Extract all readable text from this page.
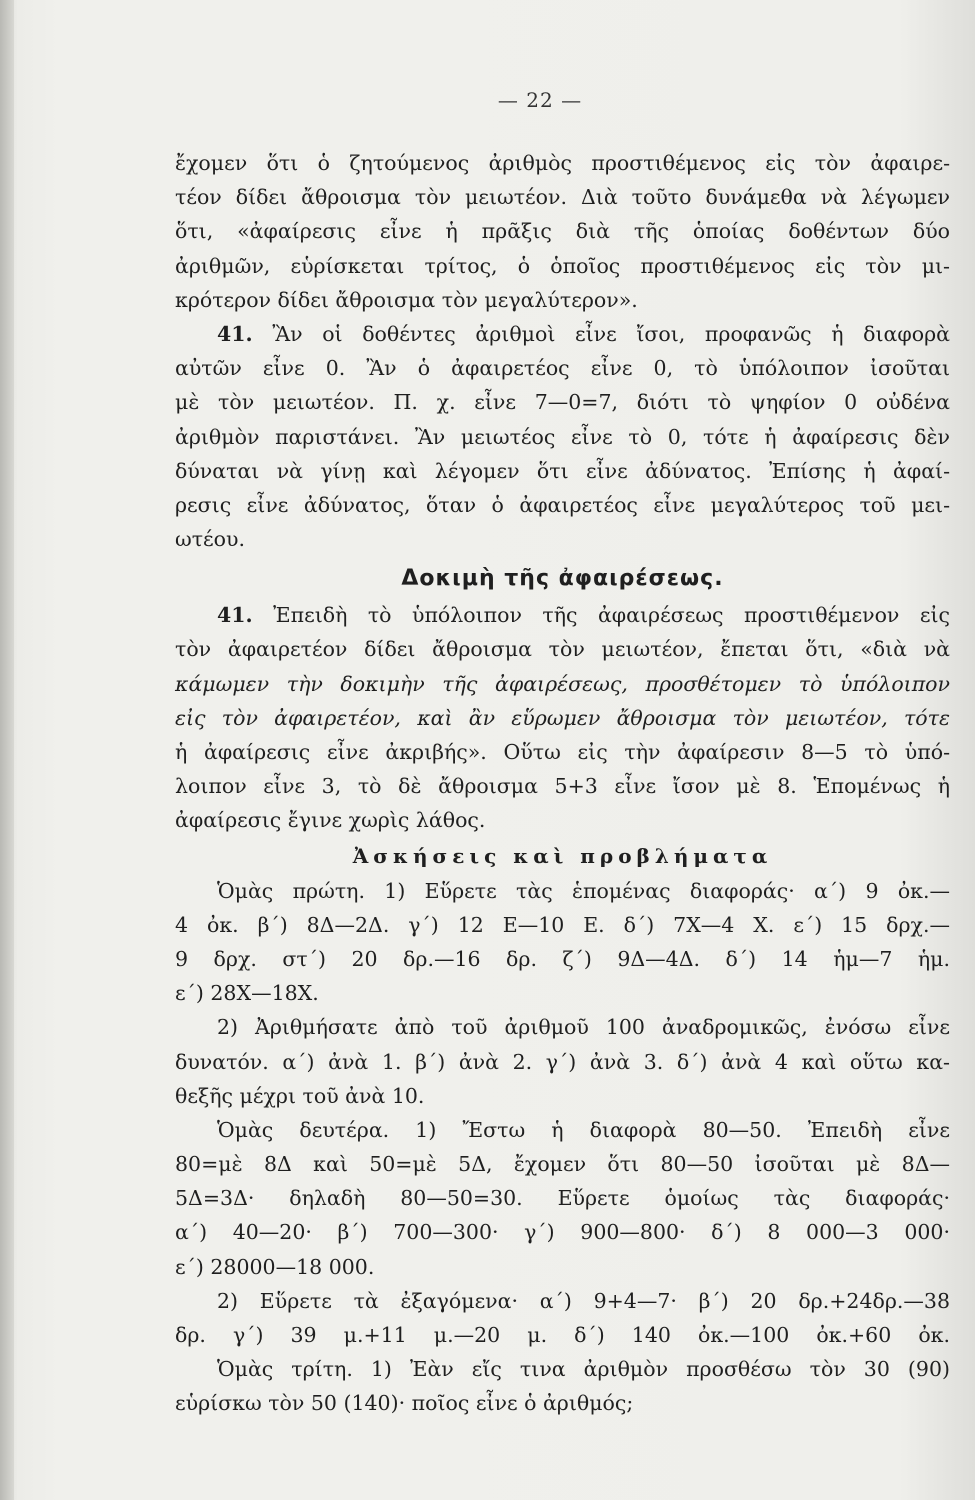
— 22 —
ἔχομεν ὅτι ὁ ζητούμενος ἀριθμὸς προστιθέμενος εἰς τὸν ἀφαιρε-
τέον δίδει ἄθροισμα τὸν μειωτέον. Διὰ τοῦτο δυνάμεθα νὰ λέγωμεν
ὅτι, «ἀφαίρεσις εἶνε ἡ πρᾶξις διὰ τῆς ὁποίας δοθέντων δύο
ἀριθμῶν, εὑρίσκεται τρίτος, ὁ ὁποῖος προστιθέμενος εἰς τὸν μι-
κρότερον δίδει ἄθροισμα τὸν μεγαλύτερον».
41. Ἂν οἱ δοθέντες ἀριθμοὶ εἶνε ἴσοι, προφανῶς ἡ διαφορὰ
αὐτῶν εἶνε 0. Ἂν ὁ ἀφαιρετέος εἶνε 0, τὸ ὑπόλοιπον ἰσοῦται
μὲ τὸν μειωτέον. Π. χ. εἶνε 7—0=7, διότι τὸ ψηφίον 0 οὐδένα
ἀριθμὸν παριστάνει. Ἂν μειωτέος εἶνε τὸ 0, τότε ἡ ἀφαίρεσις δὲν
δύναται νὰ γίνῃ καὶ λέγομεν ὅτι εἶνε ἀδύνατος. Ἐπίσης ἡ ἀφαί-
ρεσις εἶνε ἀδύνατος, ὅταν ὁ ἀφαιρετέος εἶνε μεγαλύτερος τοῦ μει-
ωτέου.
Δοκιμὴ τῆς ἀφαιρέσεως.
41. Ἐπειδὴ τὸ ὑπόλοιπον τῆς ἀφαιρέσεως προστιθέμενον εἰς
τὸν ἀφαιρετέον δίδει ἄθροισμα τὸν μειωτέον, ἔπεται ὅτι, «διὰ νὰ
κάμωμεν τὴν δοκιμὴν τῆς ἀφαιρέσεως, προσθέτομεν τὸ ὑπόλοιπον
εἰς τὸν ἀφαιρετέον, καὶ ἂν εὕρωμεν ἄθροισμα τὸν μειωτέον, τότε
ἡ ἀφαίρεσις εἶνε ἀκριβής». Οὕτω εἰς τὴν ἀφαίρεσιν 8—5 τὸ ὑπό-
λοιπον εἶνε 3, τὸ δὲ ἄθροισμα 5+3 εἶνε ἴσον μὲ 8. Ἑπομένως ἡ
ἀφαίρεσις ἔγινε χωρὶς λάθος.
Ἀσκήσεις καὶ προβλήματα
Ὁμὰς πρώτη. 1) Εὕρετε τὰς ἑπομένας διαφοράς· α΄) 9 ὀκ.—
4 ὀκ. β΄) 8Δ—2Δ. γ΄) 12 Ε—10 Ε. δ΄) 7Χ—4 Χ. ε΄) 15 δρχ.—
9 δρχ. στ΄) 20 δρ.—16 δρ. ζ΄) 9Δ—4Δ. δ΄) 14 ἡμ—7 ἡμ.
ε΄) 28Χ—18Χ.
2) Ἀριθμήσατε ἀπὸ τοῦ ἀριθμοῦ 100 ἀναδρομικῶς, ἐνόσω εἶνε
δυνατόν. α΄) ἀνὰ 1. β΄) ἀνὰ 2. γ΄) ἀνὰ 3. δ΄) ἀνὰ 4 καὶ οὕτω κα-
θεξῆς μέχρι τοῦ ἀνὰ 10.
Ὁμὰς δευτέρα. 1) Ἔστω ἡ διαφορὰ 80—50. Ἐπειδὴ εἶνε
80=μὲ 8Δ καὶ 50=μὲ 5Δ, ἔχομεν ὅτι 80—50 ἰσοῦται μὲ 8Δ—
5Δ=3Δ· δηλαδὴ 80—50=30. Εὕρετε ὁμοίως τὰς διαφοράς·
α΄) 40—20· β΄) 700—300· γ΄) 900—800· δ΄) 8 000—3 000·
ε΄) 28000—18 000.
2) Εὕρετε τὰ ἐξαγόμενα· α΄) 9+4—7· β΄) 20 δρ.+24δρ.—38
δρ. γ΄) 39 μ.+11 μ.—20 μ. δ΄) 140 ὀκ.—100 ὀκ.+60 ὀκ.
Ὁμὰς τρίτη. 1) Ἐὰν εἴς τινα ἀριθμὸν προσθέσω τὸν 30 (90)
εὑρίσκω τὸν 50 (140)· ποῖος εἶνε ὁ ἀριθμός;
